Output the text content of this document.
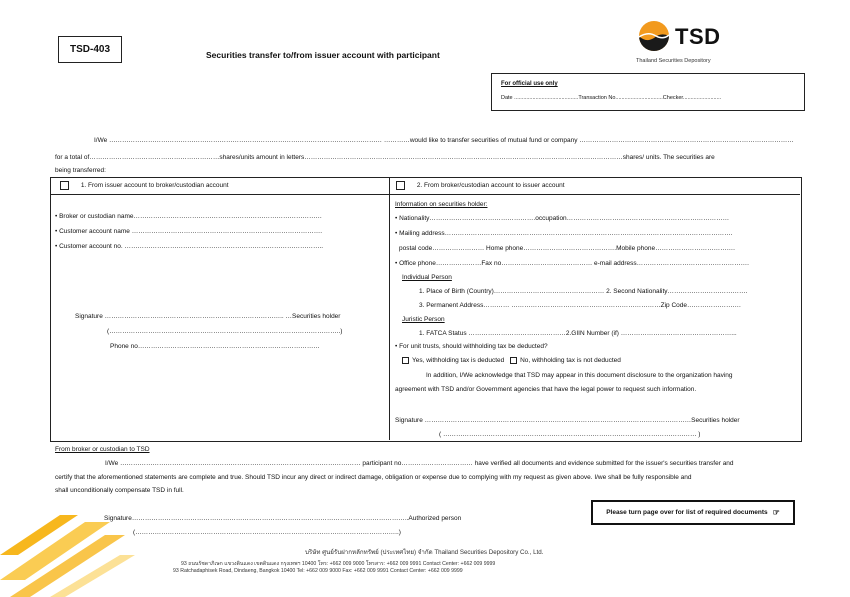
TSD-403	Securities transfer to/from issuer account with participant
TSD
Thailand Securities Depository
For official use only
Date ..........................................Transaction No...............................Checker.........................
I/We ……………………………………………………………………………………………………………… …………would like to transfer securities of mutual fund or company ………………………………………………………………………………………
for a total of……………………………………………………shares/units amount in letters…………………………………………………………………………………………………………………………………shares/ units. The securities are
being transferred:
1. From issuer account to broker/custodian account
• Broker or custodian name……………………………………………………………………………
• Customer account name …………………………………………………………………………….
• Customer account no. ………………………………………………………………………………..
Signature ……………………………………………………………………….. …Securities holder
(……………………………………………………………………………………………..)
Phone no…………………………………………………………………………
2. From broker/custodian account to issuer account
Information on securities holder:
• Nationality………………………………………….occupation…………………………………………………………………
• Mailing address…………………………………………………………………………………………………………………….
postal code…………………… Home phone…………………………………….Mobile phone……………………………….
• Office phone…………………Fax no…………………………………… e-mail address…………………………………………….
Individual Person
1. Place of Birth (Country)…………………………………………… 2. Second Nationality……………………………….
3. Permanent Address………… ……………………………………………………………Zip Code…………………….
Juristic Person
1. FATCA Status ………………………………………2.GIIN Number (if) ……………………………………………...
• For unit trusts, should withholding tax be deducted?
Yes, withholding tax is deducted No, withholding tax is not deducted
In addition, I/We acknowledge that TSD may appear in this document disclosure to the organization having
agreement with TSD and/or Government agencies that have the legal power to request such information.
Signature ……………………………………………………………………………………………………………Securities holder
( ……………………………………………………………………………………………………… )
From broker or custodian to TSD
I/We ………………………………………………………………………………………………… participant no…………………………… have verified all documents and evidence submitted for the issuer's securities transfer and
certify that the aforementioned statements are complete and true. Should TSD incur any direct or indirect damage, obligation or expense due to complying with my request as given above. I/we shall be fully responsible and
shall unconditionally compensate TSD in full.
Signature………………………………………………………………………………………………………………..Authorized person
(…………………………………………………………………………………………………………..)
Please turn page over for list of required documents ☞
บริษัท ศูนย์รับฝากหลักทรัพย์ (ประเทศไทย) จำกัด Thailand Securities Depository Co., Ltd.
93 ถนนรัชดาภิเษก แขวงดินแดง เขตดินแดง กรุงเทพฯ 10400 โทร: +662 009 9000 โทรสาร: +662 009 9991 Contact Center: +662 009 9999
93 Ratchadaphisek Road, Dindaeng, Bangkok 10400 Tel: +662 009 9000 Fax: +662 009 9991 Contact Center: +662 009 9999
